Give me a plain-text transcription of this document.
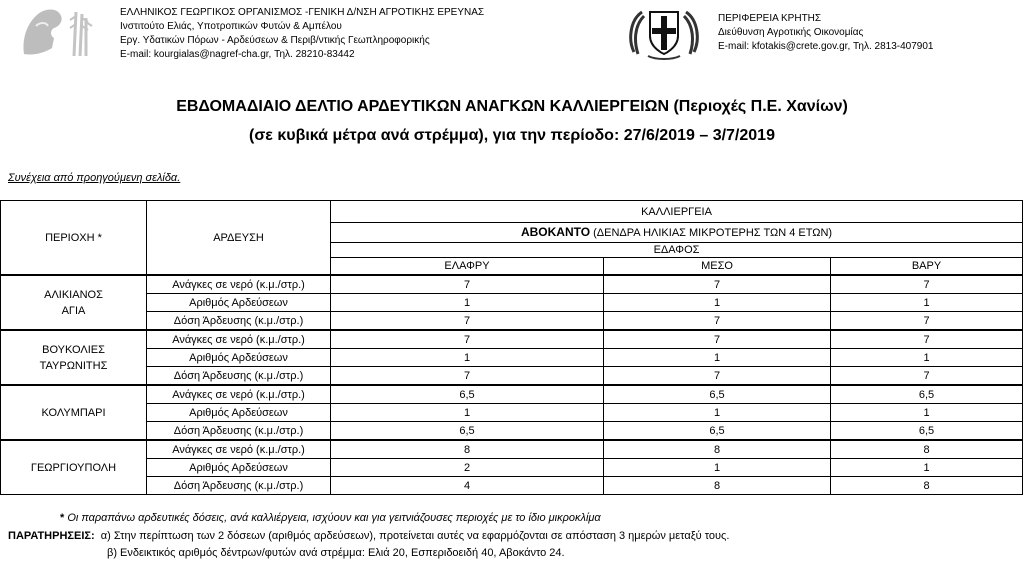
ΕΛΛΗΝΙΚΟΣ ΓΕΩΡΓΙΚΟΣ ΟΡΓΑΝΙΣΜΟΣ -ΓΕΝΙΚΗ Δ/ΝΣΗ ΑΓΡΟΤΙΚΗΣ ΕΡΕΥΝΑΣ
Ινστιτούτο Ελιάς, Υποτροπικών Φυτών & Αμπέλου
Εργ. Υδατικών Πόρων - Αρδεύσεων & Περιβ/ντικής Γεωπληροφορικής
E-mail: kourgialas@nagref-cha.gr, Τηλ. 28210-83442
ΠΕΡΙΦΕΡΕΙΑ ΚΡΗΤΗΣ
Διεύθυνση Αγροτικής Οικονομίας
E-mail: kfotakis@crete.gov.gr, Τηλ. 2813-407901
ΕΒΔΟΜΑΔΙΑΙΟ ΔΕΛΤΙΟ ΑΡΔΕΥΤΙΚΩΝ ΑΝΑΓΚΩΝ ΚΑΛΛΙΕΡΓΕΙΩΝ (Περιοχές Π.Ε. Χανίων)
(σε κυβικά μέτρα ανά στρέμμα), για την περίοδο: 27/6/2019 – 3/7/2019
Συνέχεια από προηγούμενη σελίδα.
ΠΕΡΙΟΧΗ *	ΑΡΔΕΥΣΗ	ΚΑΛΛΙΕΡΓΕΙΑ		
		ΑΒΟΚΑΝΤΟ (ΔΕΝΔΡΑ ΗΛΙΚΙΑΣ ΜΙΚΡΟΤΕΡΗΣ ΤΩΝ 4 ΕΤΩΝ)		
		ΕΔΑΦΟΣ		
		ΕΛΑΦΡΥ	ΜΕΣΟ	ΒΑΡΥ

ΑΛΙΚΙΑΝΟΣ
ΑΓΙΑ	Ανάγκες σε νερό (κ.μ./στρ.)	7	7	7
	Αριθμός Αρδεύσεων	1	1	1
	Δόση Άρδευσης (κ.μ./στρ.)	7	7	7

ΒΟΥΚΟΛΙΕΣ
ΤΑΥΡΩΝΙΤΗΣ	Ανάγκες σε νερό (κ.μ./στρ.)	7	7	7
	Αριθμός Αρδεύσεων	1	1	1
	Δόση Άρδευσης (κ.μ./στρ.)	7	7	7

ΚΟΛΥΜΠΑΡΙ	Ανάγκες σε νερό (κ.μ./στρ.)	6,5	6,5	6,5
	Αριθμός Αρδεύσεων	1	1	1
	Δόση Άρδευσης (κ.μ./στρ.)	6,5	6,5	6,5

ΓΕΩΡΓΙΟΥΠΟΛΗ	Ανάγκες σε νερό (κ.μ./στρ.)	8	8	8
	Αριθμός Αρδεύσεων	2	1	1
	Δόση Άρδευσης (κ.μ./στρ.)	4	8	8
* Οι παραπάνω αρδευτικές δόσεις, ανά καλλιέργεια, ισχύουν και για γειτνιάζουσες περιοχές με το ίδιο μικροκλίμα
ΠΑΡΑΤΗΡΗΣΕΙΣ: α) Στην περίπτωση των 2 δόσεων (αριθμός αρδεύσεων), προτείνεται αυτές να εφαρμόζονται σε απόσταση 3 ημερών μεταξύ τους.
β) Ενδεικτικός αριθμός δέντρων/φυτών ανά στρέμμα: Ελιά 20, Εσπεριδοειδή 40, Αβοκάντο 24.
